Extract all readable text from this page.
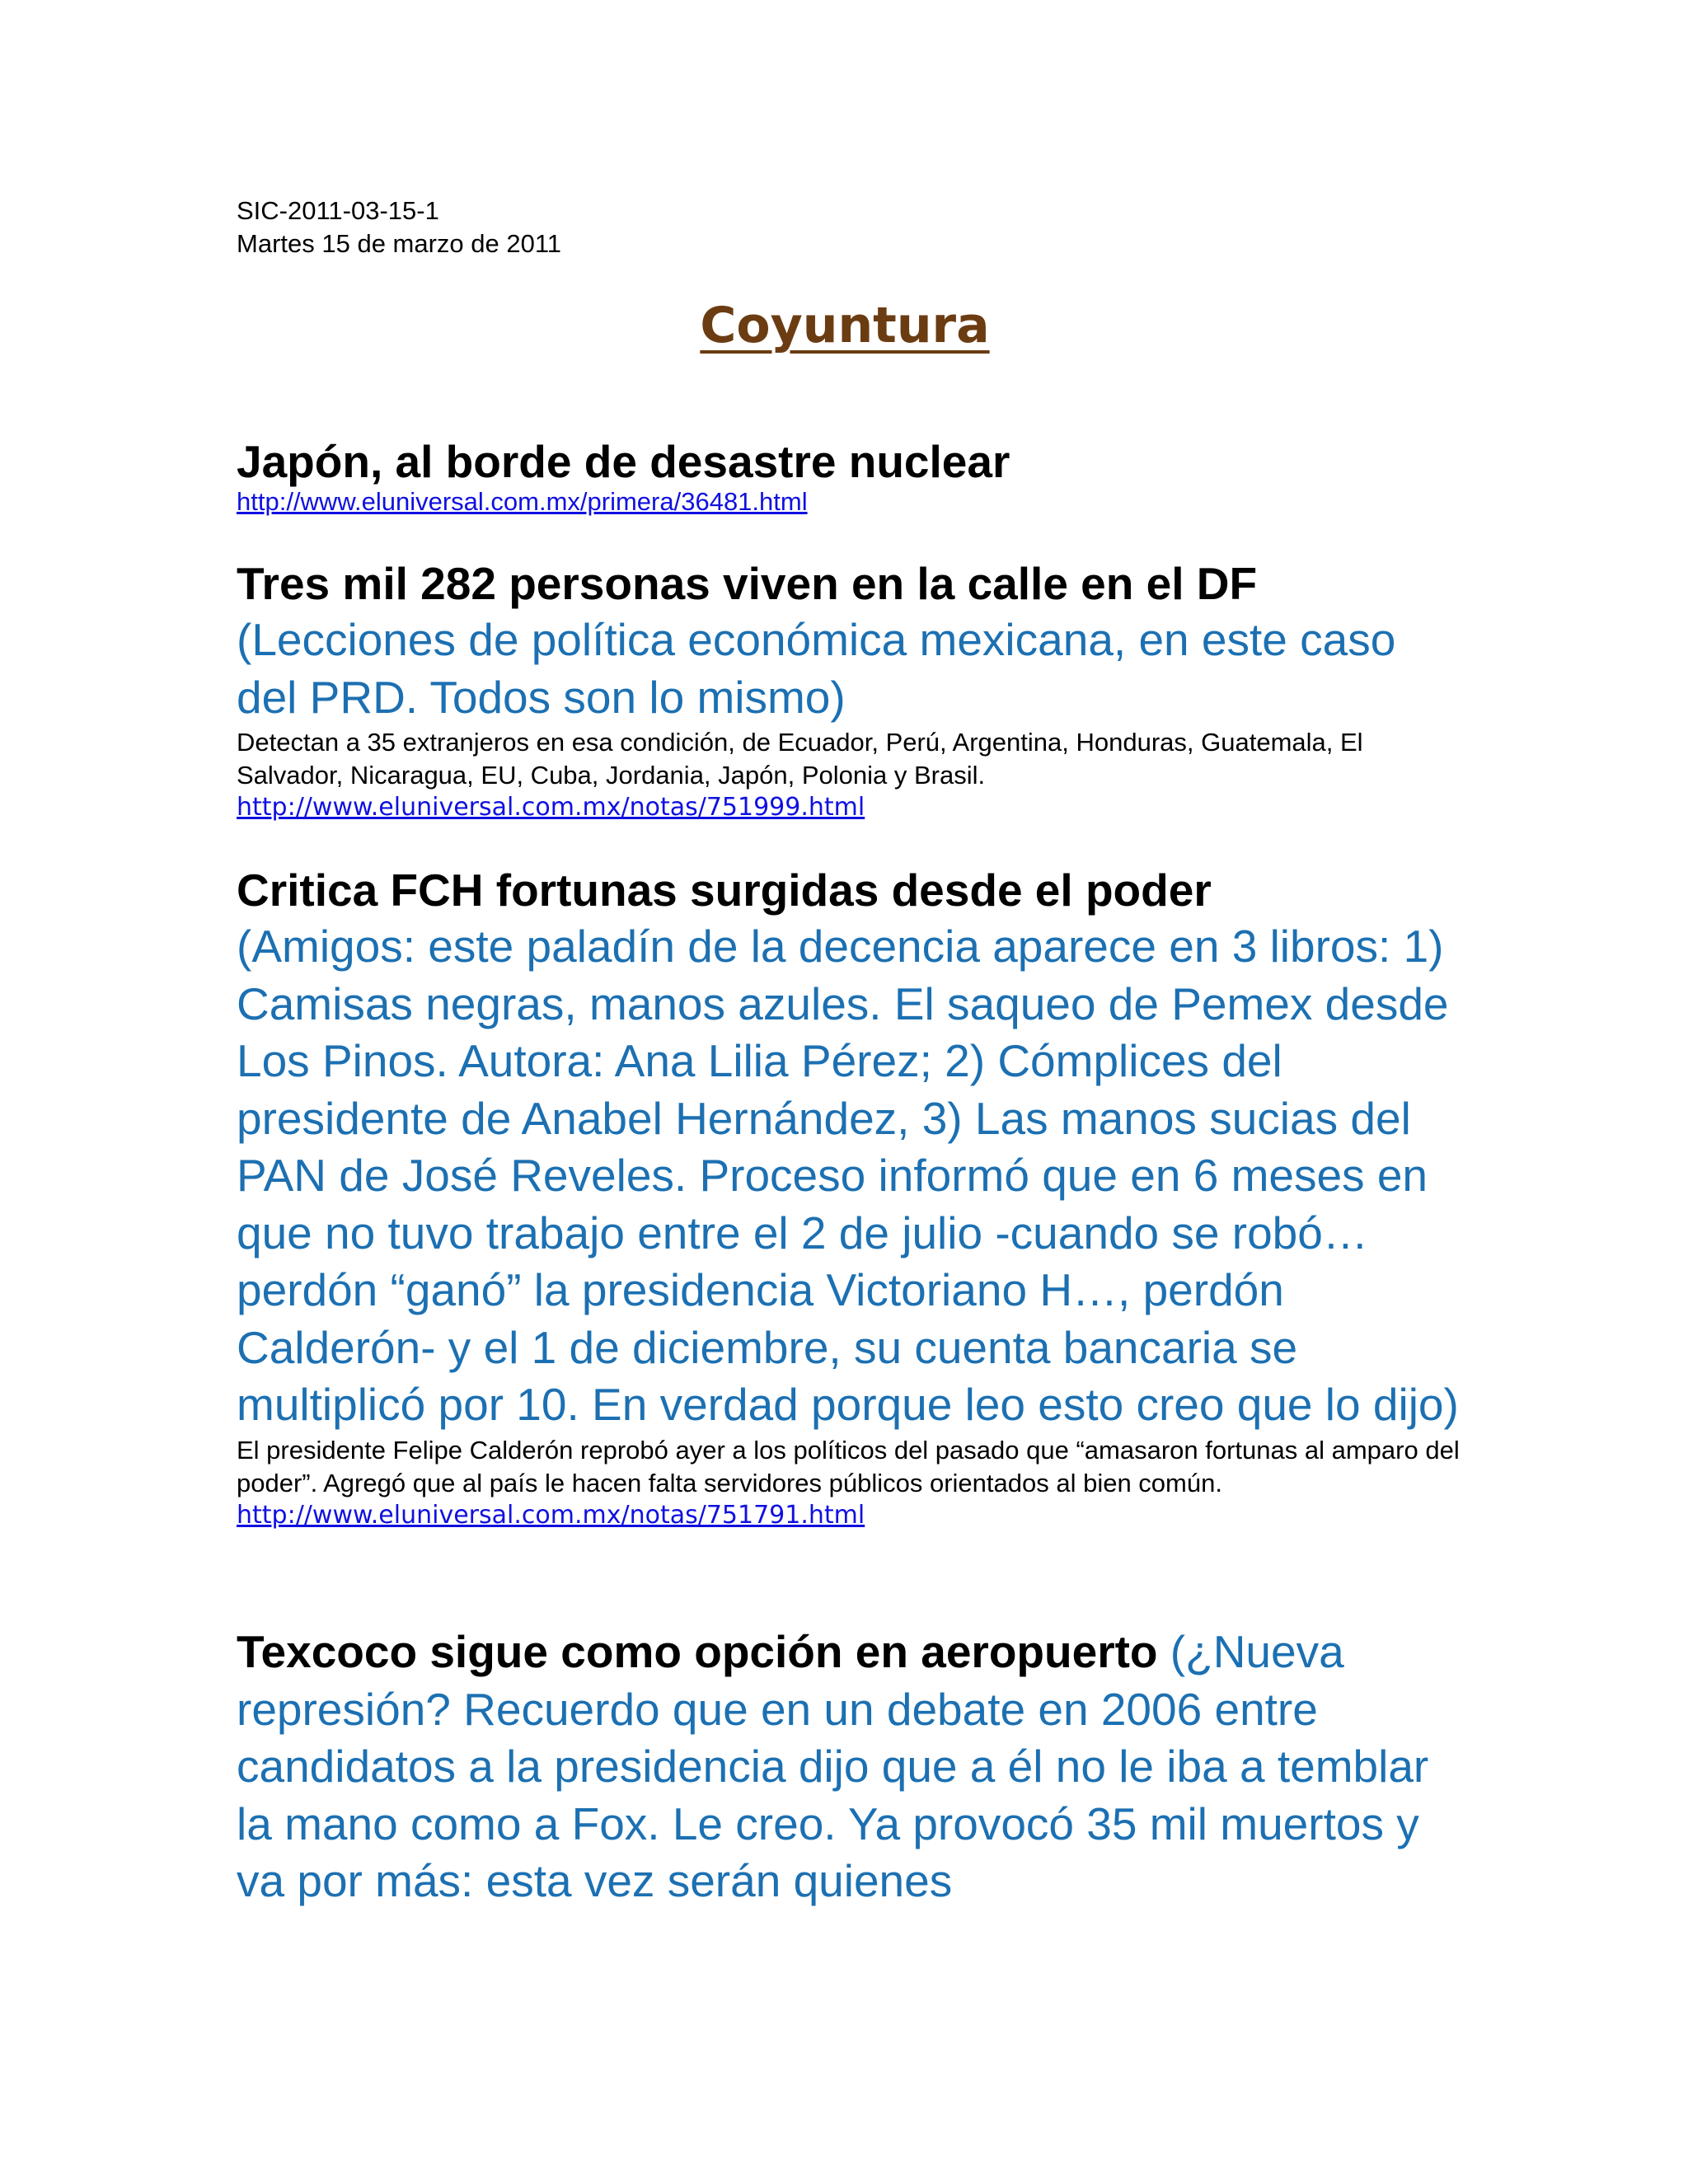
SIC-2011-03-15-1

Martes 15 de marzo de 2011

Coyuntura
Japón, al borde de desastre nuclear
http://www.eluniversal.com.mx/primera/36481.html
Tres mil 282 personas viven en la calle en el DF

(Lecciones de política económica mexicana, en este caso del PRD. Todos son lo mismo)

Detectan a 35 extranjeros en esa condición, de Ecuador, Perú, Argentina, Honduras, Guatemala, El Salvador, Nicaragua, EU, Cuba, Jordania, Japón, Polonia y Brasil.

http://www.eluniversal.com.mx/notas/751999.html
Critica FCH fortunas surgidas desde el poder

(Amigos: este paladín de la decencia aparece en 3 libros: 1) Camisas negras, manos azules. El saqueo de Pemex desde Los Pinos. Autora: Ana Lilia Pérez; 2) Cómplices del presidente de Anabel Hernández, 3) Las manos sucias del PAN de José Reveles. Proceso informó que en 6 meses en que no tuvo trabajo entre el 2 de julio -cuando se robó… perdón “ganó” la presidencia Victoriano H…, perdón Calderón- y el 1 de diciembre, su cuenta bancaria se multiplicó por 10. En verdad porque leo esto creo que lo dijo)

El presidente Felipe Calderón reprobó ayer a los políticos del pasado que “amasaron fortunas al amparo del poder”. Agregó que al país le hacen falta servidores públicos orientados al bien común.

http://www.eluniversal.com.mx/notas/751791.html

Texcoco sigue como opción en aeropuerto (¿Nueva represión? Recuerdo que en un debate en 2006 entre candidatos a la presidencia dijo que a él no le iba a temblar la mano como a Fox. Le creo. Ya provocó 35 mil muertos y va por más: esta vez serán quienes
